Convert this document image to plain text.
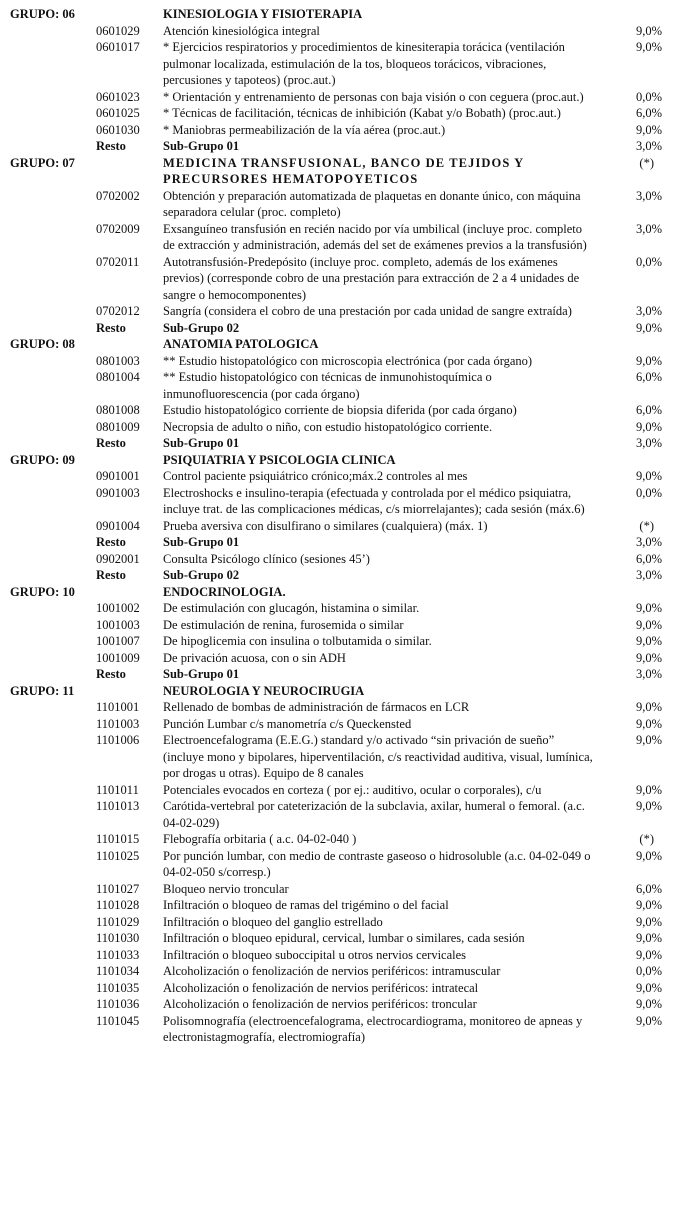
GRUPO: 06	KINESIOLOGIA Y FISIOTERAPIA
0601029 Atención kinesiológica integral	9,0%
0601017 * Ejercicios respiratorios y procedimientos de kinesiterapia torácica (ventilación pulmonar localizada, estimulación de la tos, bloqueos torácicos, vibraciones, percusiones y tapoteos) (proc.aut.)
9,0%
0601023 * Orientación y entrenamiento de personas con baja visión o con ceguera (proc.aut.)	0,0%
0601025 * Técnicas de facilitación, técnicas de inhibición (Kabat y/o Bobath) (proc.aut.)	6,0%
0601030 * Maniobras permeabilización de la vía aérea (proc.aut.)	9,0%
Resto	Sub-Grupo 01	3,0%
GRUPO: 07	MEDICINA TRANSFUSIONAL, BANCO DE TEJIDOS Y PRECURSORES HEMATOPOYETICOS
(*)
0702002 Obtención y preparación automatizada de plaquetas en donante único, con máquina separadora celular (proc. completo)
3,0%
0702009 Exsanguíneo transfusión en recién nacido por vía umbilical (incluye proc. completo de extracción y administración, además del set de exámenes previos a la transfusión)
3,0%
0702011 Autotransfusión-Predepósito (incluye proc. completo, además de los exámenes previos) (corresponde cobro de una prestación para extracción de 2 a 4 unidades de sangre o hemocomponentes)
0,0%
0702012 Sangría (considera el cobro de una prestación por cada unidad de sangre extraída)	3,0%
Resto	Sub-Grupo 02	9,0%
GRUPO: 08	ANATOMIA PATOLOGICA
0801003 ** Estudio histopatológico con microscopia electrónica (por cada órgano)	9,0%
0801004 ** Estudio histopatológico con técnicas de inmunohistoquímica o inmunofluorescencia (por cada órgano)
6,0%
0801008 Estudio histopatológico corriente de biopsia diferida (por cada órgano)	6,0%
0801009 Necropsia de adulto o niño, con estudio histopatológico corriente.	9,0%
Resto	Sub-Grupo 01	3,0%
GRUPO: 09	PSIQUIATRIA Y PSICOLOGIA CLINICA
0901001 Control paciente psiquiátrico crónico;máx.2 controles al mes	9,0%
0901003 Electroshocks e insulino-terapia (efectuada y controlada por el médico psiquiatra, incluye trat. de las complicaciones médicas, c/s miorrelajantes); cada sesión (máx.6)
0,0%
0901004 Prueba aversiva con disulfirano o similares (cualquiera) (máx. 1)	(*)
Resto	Sub-Grupo 01	3,0%
0902001 Consulta Psicólogo clínico (sesiones 45’)	6,0%
Resto	Sub-Grupo 02	3,0%
GRUPO: 10	ENDOCRINOLOGIA.
1001002 De estimulación con glucagón, histamina o similar.	9,0%
1001003 De estimulación de renina, furosemida o similar	9,0%
1001007 De hipoglicemia con insulina o tolbutamida o similar.	9,0%
1001009 De privación acuosa, con o sin ADH	9,0%
Resto	Sub-Grupo 01	3,0%
GRUPO: 11	NEUROLOGIA Y NEUROCIRUGIA
1101001 Rellenado de bombas de administración de fármacos en LCR	9,0%
1101003 Punción Lumbar c/s manometría c/s Queckensted	9,0%
1101006 Electroencefalograma (E.E.G.) standard y/o activado “sin privación de sueño” (incluye mono y bipolares, hiperventilación, c/s reactividad auditiva, visual, lumínica, por drogas u otras). Equipo de 8 canales
9,0%
1101011 Potenciales evocados en corteza ( por ej.: auditivo, ocular o corporales), c/u	9,0%
1101013 Carótida-vertebral por cateterización de la subclavia, axilar, humeral o femoral. (a.c. 04-02-029)
9,0%
1101015 Flebografía orbitaria ( a.c. 04-02-040 )	(*)
1101025 Por punción lumbar, con medio de contraste gaseoso o hidrosoluble (a.c. 04-02-049 o 04-02-050 s/corresp.)
9,0%
1101027 Bloqueo nervio troncular	6,0%
1101028 Infiltración o bloqueo de ramas del trigémino o del facial	9,0%
1101029 Infiltración o bloqueo del ganglio estrellado	9,0%
1101030 Infiltración o bloqueo epidural, cervical, lumbar o similares, cada sesión	9,0%
1101033 Infiltración o bloqueo suboccipital u otros nervios cervicales	9,0%
1101034 Alcoholización o fenolización de nervios periféricos: intramuscular	0,0%
1101035 Alcoholización o fenolización de nervios periféricos: intratecal	9,0%
1101036 Alcoholización o fenolización de nervios periféricos: troncular	9,0%
1101045 Polisomnografía (electroencefalograma, electrocardiograma, monitoreo de apneas y electronistagmografía, electromiografía)
9,0%
